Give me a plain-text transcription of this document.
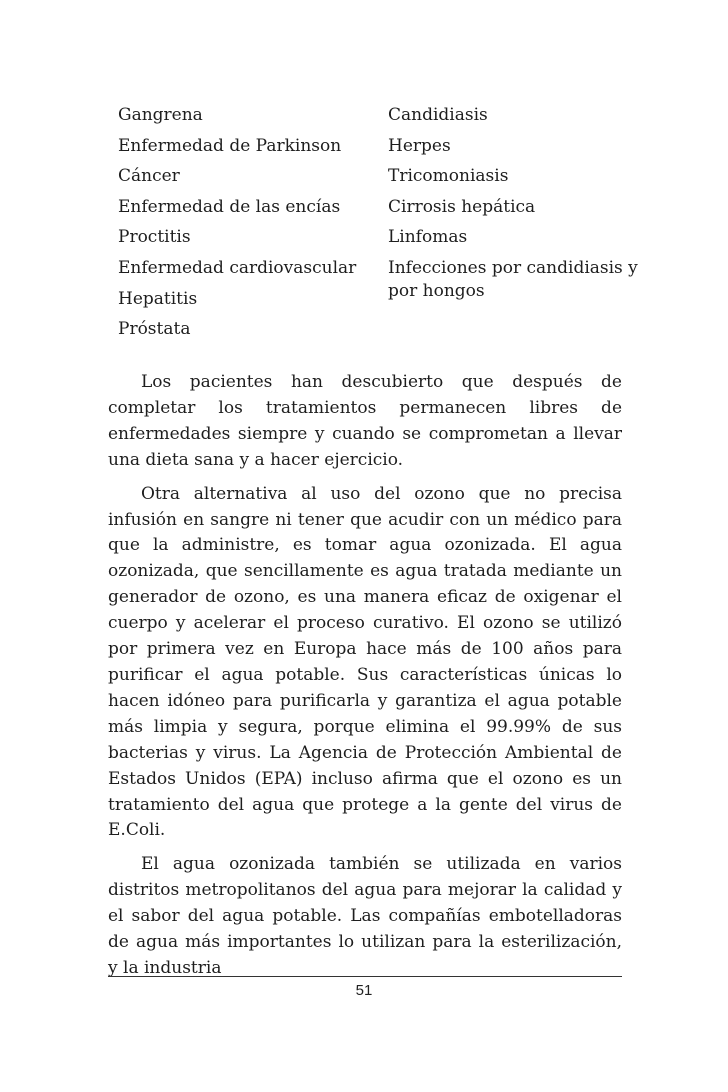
Gangrena
Enfermedad de Parkinson
Cáncer
Enfermedad de las encías
Proctitis
Enfermedad cardiovascular
Hepatitis
Próstata
Candidiasis
Herpes
Tricomoniasis
Cirrosis hepática
Linfomas
Infecciones por candidiasis y por hongos

Los pacientes han descubierto que después de completar los tratamientos permanecen libres de enfermedades siempre y cuando se comprometan a llevar una dieta sana y a hacer ejercicio.

Otra alternativa al uso del ozono que no precisa infusión en sangre ni tener que acudir con un médico para que la administre, es tomar agua ozonizada. El agua ozonizada, que sencillamente es agua tratada mediante un generador de ozono, es una manera eficaz de oxigenar el cuerpo y acelerar el proceso curativo. El ozono se utilizó por primera vez en Europa hace más de 100 años para purificar el agua potable. Sus características únicas lo hacen idóneo para purificarla y garantiza el agua potable más limpia y segura, porque elimina el 99.99% de sus bacterias y virus. La Agencia de Protección Ambiental de Estados Unidos (EPA) incluso afirma que el ozono es un tratamiento del agua que protege a la gente del virus de E.Coli.

El agua ozonizada también se utilizada en varios distritos metropolitanos del agua para mejorar la calidad y el sabor del agua potable. Las compañías embotelladoras de agua más importantes lo utilizan para la esterilización, y la industria

51
